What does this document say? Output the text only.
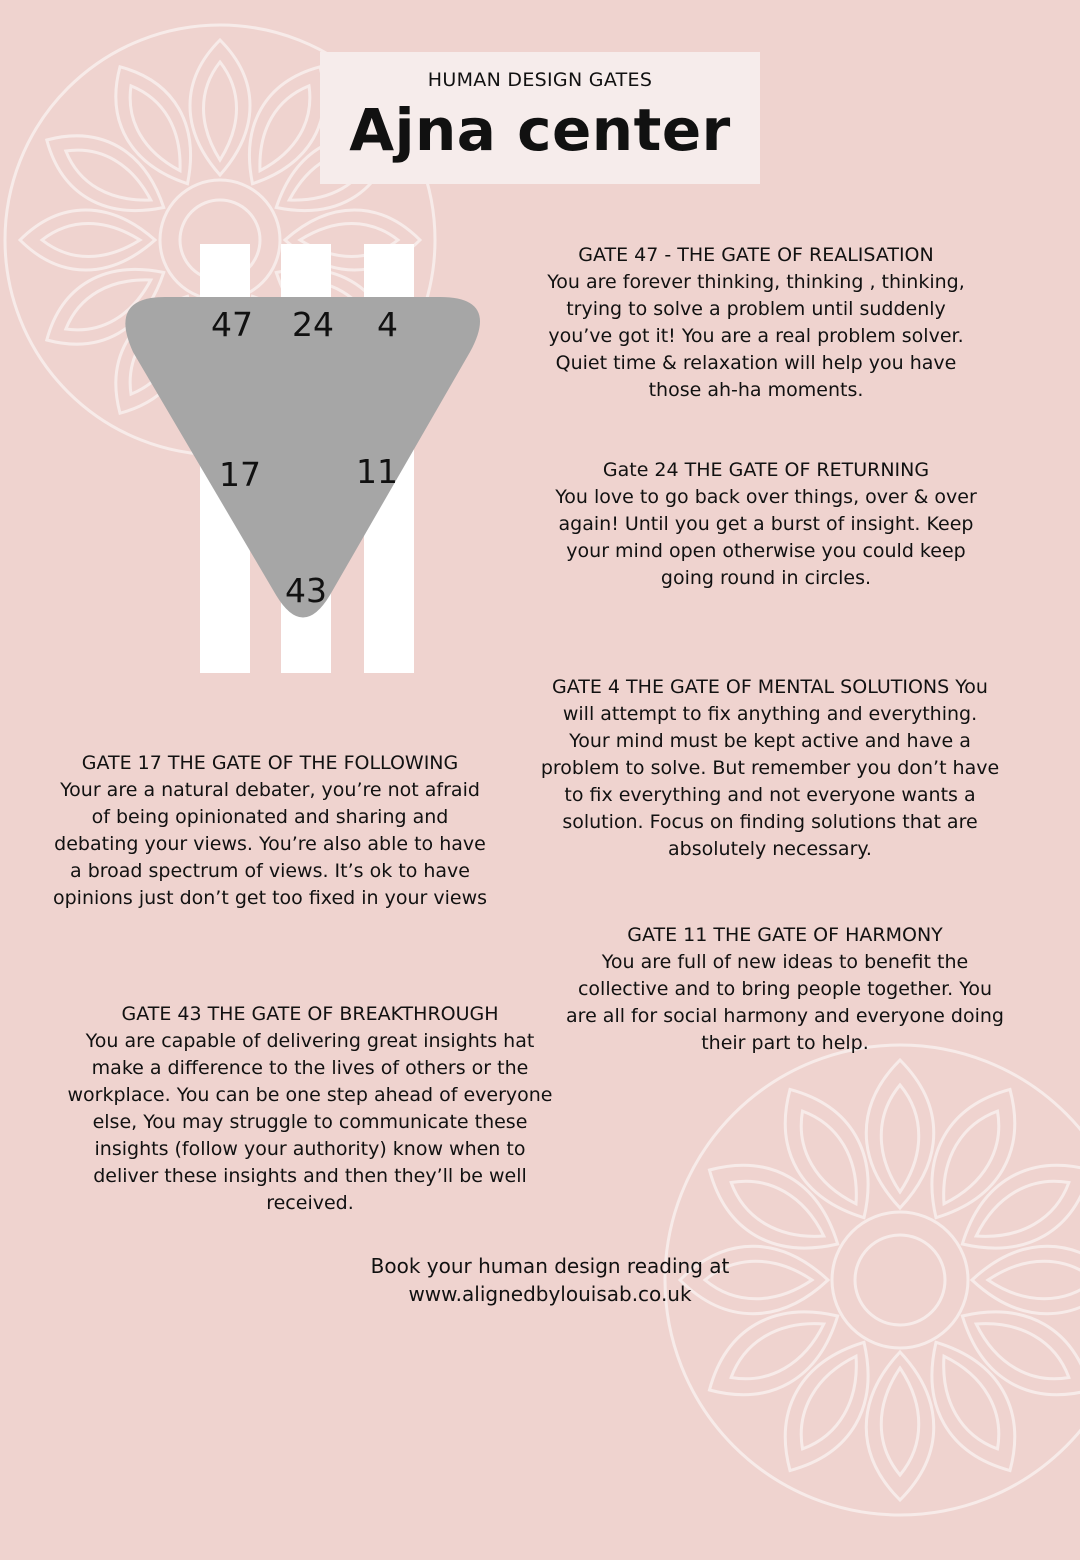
HUMAN DESIGN GATES
Ajna center
47 24 4
17	11
43
GATE 47 - THE GATE OF REALISATION
You are forever thinking, thinking , thinking, trying to solve a problem until suddenly you’ve got it! You are a real problem solver. Quiet time & relaxation will help you have those ah-ha moments.
Gate 24 THE GATE OF RETURNING
You love to go back over things, over & over again! Until you get a burst of insight. Keep your mind open otherwise you could keep going round in circles.
GATE 4 THE GATE OF MENTAL SOLUTIONS You will attempt to fix anything and everything. Your mind must be kept active and have a problem to solve. But remember you don’t have to fix everything and not everyone wants a solution. Focus on finding solutions that are absolutely necessary.
GATE 17 THE GATE OF THE FOLLOWING
Your are a natural debater, you’re not afraid of being opinionated and sharing and debating your views. You’re also able to have a broad spectrum of views. It’s ok to have opinions just don’t get too fixed in your views
GATE 11 THE GATE OF HARMONY
You are full of new ideas to benefit the collective and to bring people together. You are all for social harmony and everyone doing their part to help.
GATE 43 THE GATE OF BREAKTHROUGH
You are capable of delivering great insights hat make a difference to the lives of others or the workplace. You can be one step ahead of everyone else, You may struggle to communicate these insights (follow your authority) know when to deliver these insights and then they’ll be well received.
Book your human design reading at
www.alignedbylouisab.co.uk
